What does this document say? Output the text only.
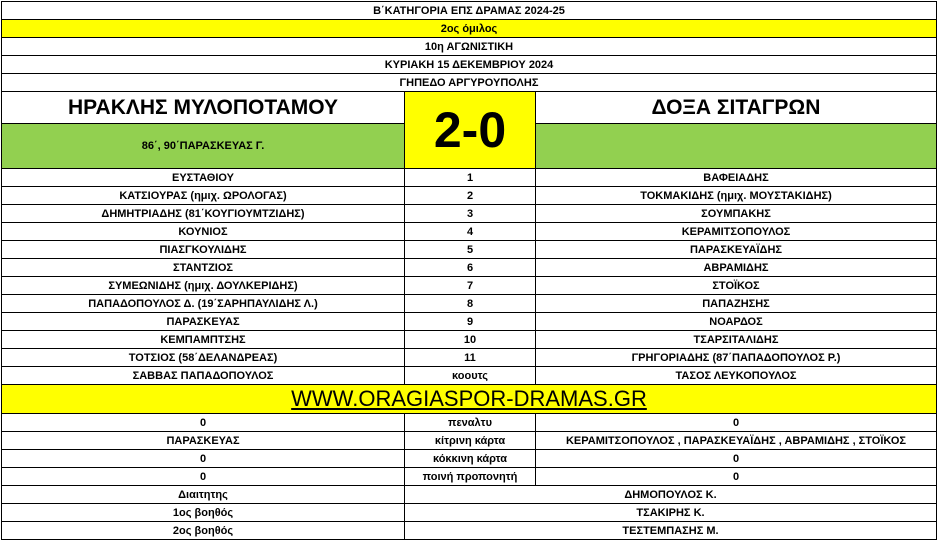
Β΄ΚΑΤΗΓΟΡΙΑ ΕΠΣ ΔΡΑΜΑΣ 2024-25		
2ος όμιλος		
10η ΑΓΩΝΙΣΤΙΚΗ		
ΚΥΡΙΑΚΗ 15 ΔΕΚΕΜΒΡΙΟΥ 2024		
ΓΗΠΕΔΟ ΑΡΓΥΡΟΥΠΟΛΗΣ		
ΗΡΑΚΛΗΣ ΜΥΛΟΠΟΤΑΜΟΥ	2-0	ΔΟΞΑ ΣΙΤΑΓΡΩΝ
86΄, 90΄ΠΑΡΑΣΚΕΥΑΣ Γ.		
ΕΥΣΤΑΘΙΟΥ	1	ΒΑΦΕΙΑΔΗΣ
ΚΑΤΣΙΟΥΡΑΣ (ημιχ. ΩΡΟΛΟΓΑΣ)	2	ΤΟΚΜΑΚΙΔΗΣ (ημιχ. ΜΟΥΣΤΑΚΙΔΗΣ)
ΔΗΜΗΤΡΙΑΔΗΣ (81΄ΚΟΥΓΙΟΥΜΤΖΙΔΗΣ)	3	ΣΟΥΜΠΑΚΗΣ
ΚΟΥΝΙΟΣ	4	ΚΕΡΑΜΙΤΣΟΠΟΥΛΟΣ
ΠΙΑΣΓΚΟΥΛΙΔΗΣ	5	ΠΑΡΑΣΚΕΥΑΪΔΗΣ
ΣΤΑΝΤΖΙΟΣ	6	ΑΒΡΑΜΙΔΗΣ
ΣΥΜΕΩΝΙΔΗΣ (ημιχ. ΔΟΥΛΚΕΡΙΔΗΣ)	7	ΣΤΟΪΚΟΣ
ΠΑΠΑΔΟΠΟΥΛΟΣ Δ. (19΄ΣΑΡΗΠΑΥΛΙΔΗΣ Λ.)	8	ΠΑΠΑΖΗΣΗΣ
ΠΑΡΑΣΚΕΥΑΣ	9	ΝΟΑΡΔΟΣ
ΚΕΜΠΑΜΠΤΣΗΣ	10	ΤΣΑΡΣΙΤΑΛΙΔΗΣ
ΤΟΤΣΙΟΣ (58΄ΔΕΛΑΝΔΡΕΑΣ)	11	ΓΡΗΓΟΡΙΑΔΗΣ (87΄ΠΑΠΑΔΟΠΟΥΛΟΣ Ρ.)
ΣΑΒΒΑΣ ΠΑΠΑΔΟΠΟΥΛΟΣ	κοουτς	ΤΑΣΟΣ ΛΕΥΚΟΠΟΥΛΟΣ
WWW.ORAGIASPOR-DRAMAS.GR		
0	πεναλτυ	0
ΠΑΡΑΣΚΕΥΑΣ	κίτρινη κάρτα	ΚΕΡΑΜΙΤΣΟΠΟΥΛΟΣ , ΠΑΡΑΣΚΕΥΑΪΔΗΣ , ΑΒΡΑΜΙΔΗΣ , ΣΤΟΪΚΟΣ
0	κόκκινη κάρτα	0
0	ποινή προπονητή	0
Διαιτητης	ΔΗΜΟΠΟΥΛΟΣ Κ.	
1ος βοηθός	ΤΣΑΚΙΡΗΣ Κ.	
2ος βοηθός	ΤΕΣΤΕΜΠΑΣΗΣ Μ.	
